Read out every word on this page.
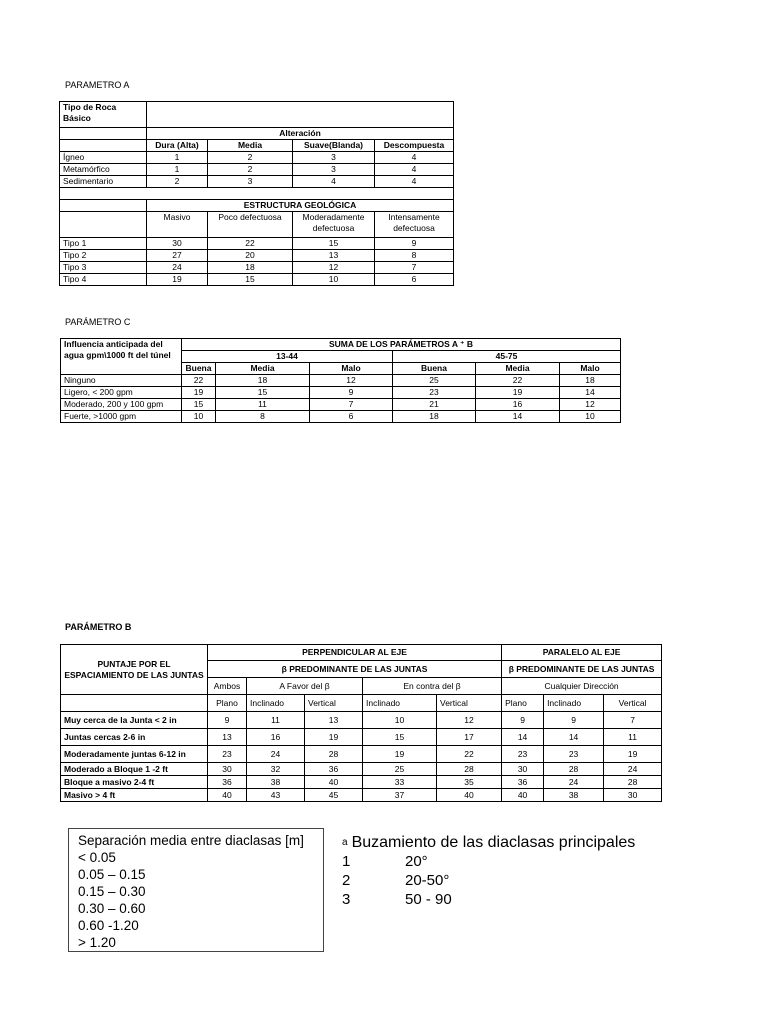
PARAMETRO A
Tipo de Roca Básico				
	Alteración			
	Dura (Alta)	Media	Suave(Blanda)	Descompuesta
Ígneo	1	2	3	4
Metamórfico	1	2	3	4
Sedimentario	2	3	4	4

	ESTRUCTURA GEOLÓGICA			
	Masivo	Poco defectuosa	Moderadamente defectuosa	Intensamente defectuosa
Tipo 1	30	22	15	9
Tipo 2	27	20	13	8
Tipo 3	24	18	12	7
Tipo 4	19	15	10	6
PARÁMETRO C
Influencia anticipada del agua gpm\1000 ft del túnel	SUMA DE LOS PARÁMETROS A ⁺ B					
	13-44			45-75		
	Buena	Media	Malo	Buena	Media	Malo
Ninguno	22	18	12	25	22	18
Ligero, < 200 gpm	19	15	9	23	19	14
Moderado, 200 y 100 gpm	15	11	7	21	16	12
Fuerte, >1000 gpm	10	8	6	18	14	10
PARÁMETRO B
PUNTAJE POR EL ESPACIAMIENTO DE LAS JUNTAS	PERPENDICULAR AL EJE					PARALELO AL EJE		
	β PREDOMINANTE DE LAS JUNTAS					β PREDOMINANTE DE LAS JUNTAS		
	Ambos	A Favor del β		En contra del β		Cualquier Dirección		
	Plano	Inclinado	Vertical	Inclinado	Vertical	Plano	Inclinado	Vertical
Muy cerca de la Junta < 2 in	9	11	13	10	12	9	9	7
Juntas cercas 2-6 in	13	16	19	15	17	14	14	11
Moderadamente juntas 6-12 in	23	24	28	19	22	23	23	19
Moderado a Bloque 1 -2 ft	30	32	36	25	28	30	28	24
Bloque a masivo 2-4 ft	36	38	40	33	35	36	24	28
Masivo > 4 ft	40	43	45	37	40	40	38	30
Separación media entre diaclasas [m]
< 0.05
0.05 – 0.15
0.15 – 0.30
0.30 – 0.60
0.60 -1.20
> 1.20
$^a$ Buzamiento de las diaclasas principales
1	20°
2	20-50°
3	50 - 90
